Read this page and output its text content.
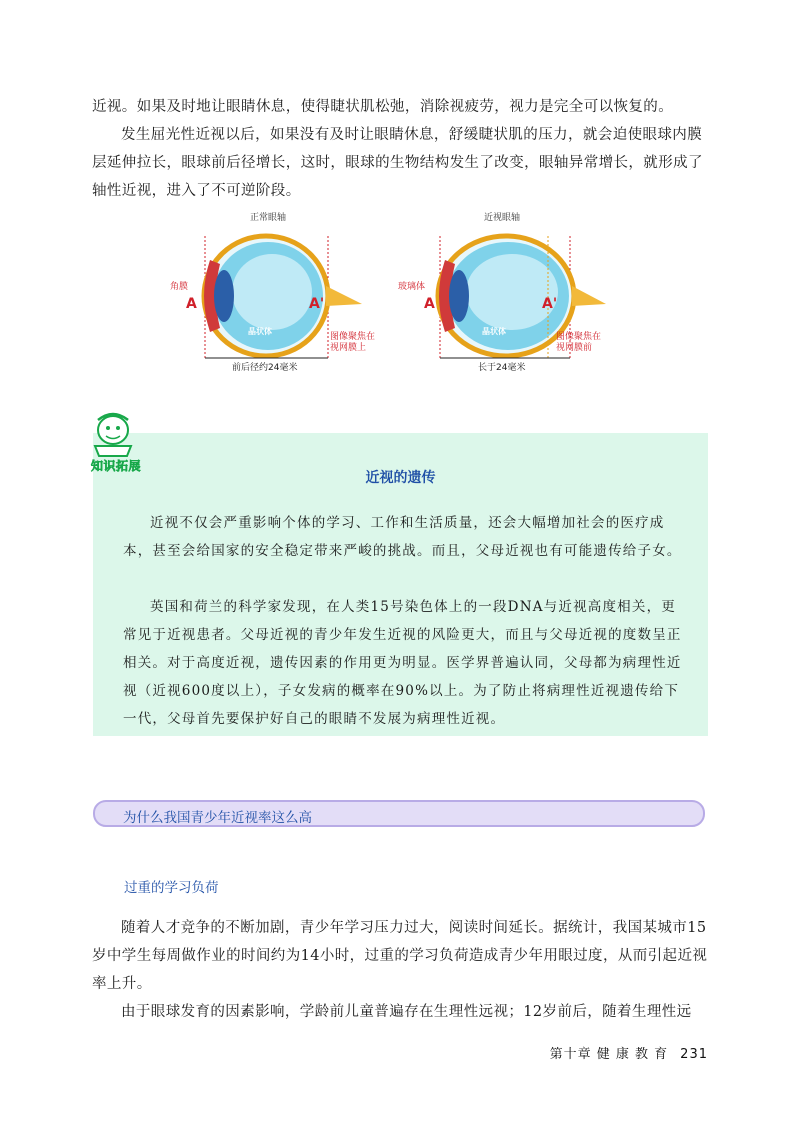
近视。如果及时地让眼睛休息，使得睫状肌松弛，消除视疲劳，视力是完全可以恢复的。

发生屈光性近视以后，如果没有及时让眼睛休息，舒缓睫状肌的压力，就会迫使眼球内膜层延伸拉长，眼球前后径增长，这时，眼球的生物结构发生了改变，眼轴异常增长，就形成了轴性近视，进入了不可逆阶段。

正常眼轴
角膜
A	A'
晶状体
图像聚焦在视网膜上
前后径约24毫米
近视眼轴
玻璃体
A	A'
晶状体
图像聚焦在视网膜前
长于24毫米
近视的遗传

近视不仅会严重影响个体的学习、工作和生活质量，还会大幅增加社会的医疗成本，甚至会给国家的安全稳定带来严峻的挑战。而且，父母近视也有可能遗传给子女。

英国和荷兰的科学家发现，在人类15号染色体上的一段DNA与近视高度相关，更常见于近视患者。父母近视的青少年发生近视的风险更大，而且与父母近视的度数呈正相关。对于高度近视，遗传因素的作用更为明显。医学界普遍认同，父母都为病理性近视（近视600度以上），子女发病的概率在90%以上。为了防止将病理性近视遗传给下一代，父母首先要保护好自己的眼睛不发展为病理性近视。

知识拓展
为什么我国青少年近视率这么高
过重的学习负荷

随着人才竞争的不断加剧，青少年学习压力过大，阅读时间延长。据统计，我国某城市15岁中学生每周做作业的时间约为14小时，过重的学习负荷造成青少年用眼过度，从而引起近视率上升。

由于眼球发育的因素影响，学龄前儿童普遍存在生理性远视；12岁前后，随着生理性远

第十章 健 康 教 育 231
